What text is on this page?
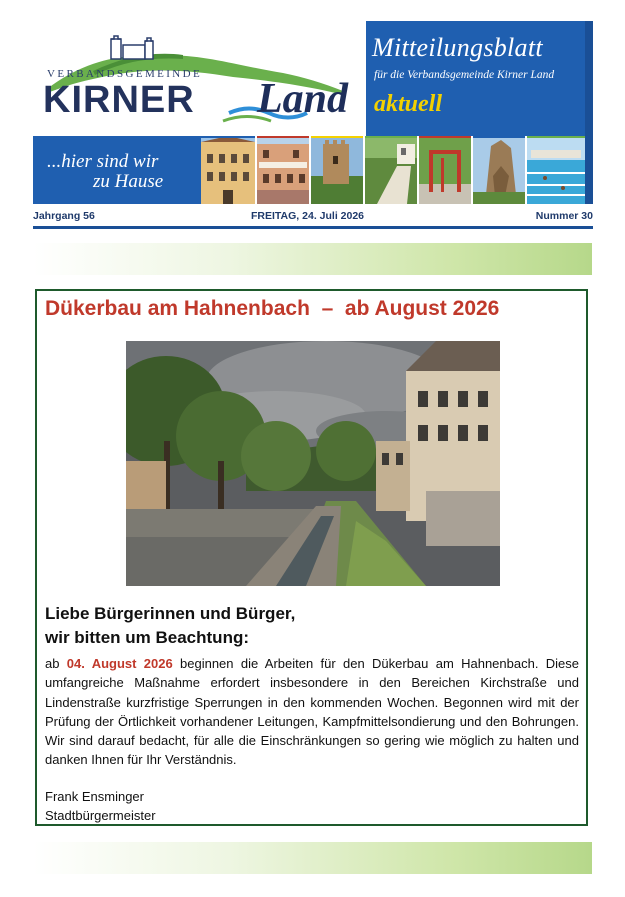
VERBANDSGEMEINDE
KIRNER Land
Mitteilungsblatt
für die Verbandsgemeinde Kirner Land
aktuell
...hier sind wir
zu Hause
Jahrgang 56	FREITAG, 24. Juli 2026	Nummer 30
Dükerbau am Hahnenbach  –  ab August 2026
Liebe Bürgerinnen und Bürger,
wir bitten um Beachtung:
ab 04. August 2026 beginnen die Arbeiten für den Dükerbau am Hahnenbach. Diese umfangreiche Maßnahme erfordert insbesondere in den Bereichen Kirchstraße und Lindenstraße kurzfristige Sperrungen in den kommenden Wochen. Begonnen wird mit der Prüfung der Örtlichkeit vorhandener Leitungen, Kampfmittelsondierung und den Bohrungen. Wir sind darauf bedacht, für alle die Einschränkungen so gering wie möglich zu halten und danken Ihnen für Ihr Verständnis.
Frank Ensminger
Stadtbürgermeister
